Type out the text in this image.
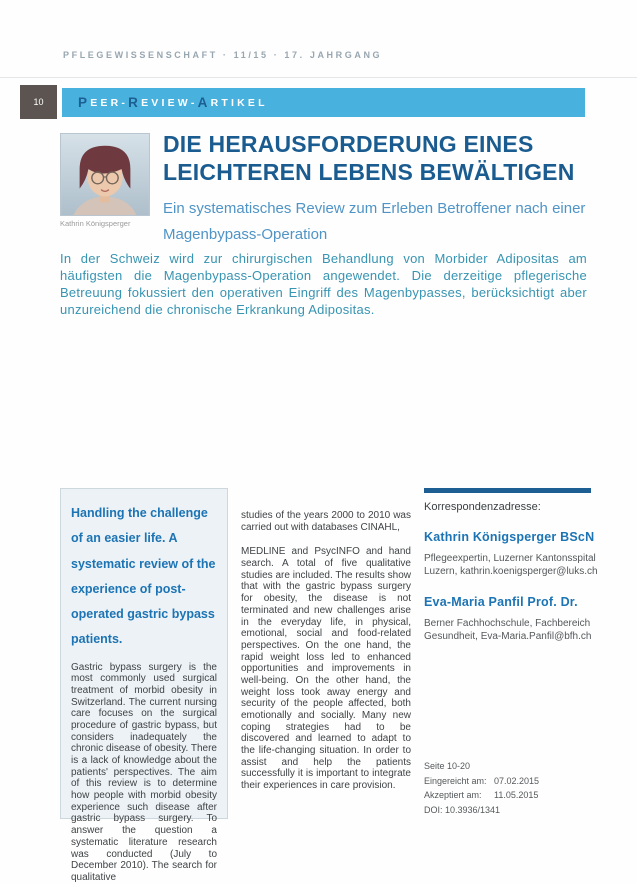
PFLEGEWISSENSCHAFT · 11/15 · 17. JAHRGANG
10	P EER - R EVIEW - A RTIKEL
Kathrin Königsperger
DIE HERAUSFORDERUNG EINES LEICHTEREN LEBENS BEWÄLTIGEN
Ein systematisches Review zum Erleben Betroffener nach einer Magenbypass-Operation
In der Schweiz wird zur chirurgischen Behandlung von Morbider Adipositas am häufigsten die Magenbypass-Operation angewendet. Die derzeitige pflegerische Betreuung fokussiert den operativen Eingriff des Magenbypasses, berücksichtigt aber unzureichend die chronische Erkrankung Adipositas.
Handling the challenge of an easier life. A systematic review of the experience of post-operated gastric bypass patients.

Gastric bypass surgery is the most commonly used surgical treatment of morbid obesity in Switzerland. The current nursing care focuses on the surgical procedure of gastric bypass, but considers inadequately the chronic disease of obesity. There is a lack of knowledge about the patients' perspectives. The aim of this review is to determine how people with morbid obesity experience such disease after gastric bypass surgery. To answer the question a systematic literature research was conducted (July to December 2010). The search for qualitative

studies of the years 2000 to 2010 was carried out with databases CINAHL,

MEDLINE and PsycINFO and hand search. A total of five qualitative studies are included. The results show that with the gastric bypass surgery for obesity, the disease is not terminated and new challenges arise in the everyday life, in physical, emotional, social and food-related perspectives. On the one hand, the rapid weight loss led to enhanced opportunities and improvements in well-being. On the other hand, the weight loss took away energy and security of the people affected, both emotionally and socially. Many new coping strategies had to be discovered and learned to adapt to the life-changing situation. In order to assist and help the patients successfully it is important to integrate their experiences in care provision.

Korrespondenzadresse:

Kathrin Königsperger BScN

Pflegeexpertin, Luzerner Kantonsspital Luzern, kathrin.koenigsperger@luks.ch

Eva-Maria Panfil Prof. Dr.

Berner Fachhochschule, Fachbereich Gesundheit, Eva-Maria.Panfil@bfh.ch

Seite 10-20
Eingereicht am: 07.02.2015
Akzeptiert am:	11.05.2015
DOI: 10.3936/1341
